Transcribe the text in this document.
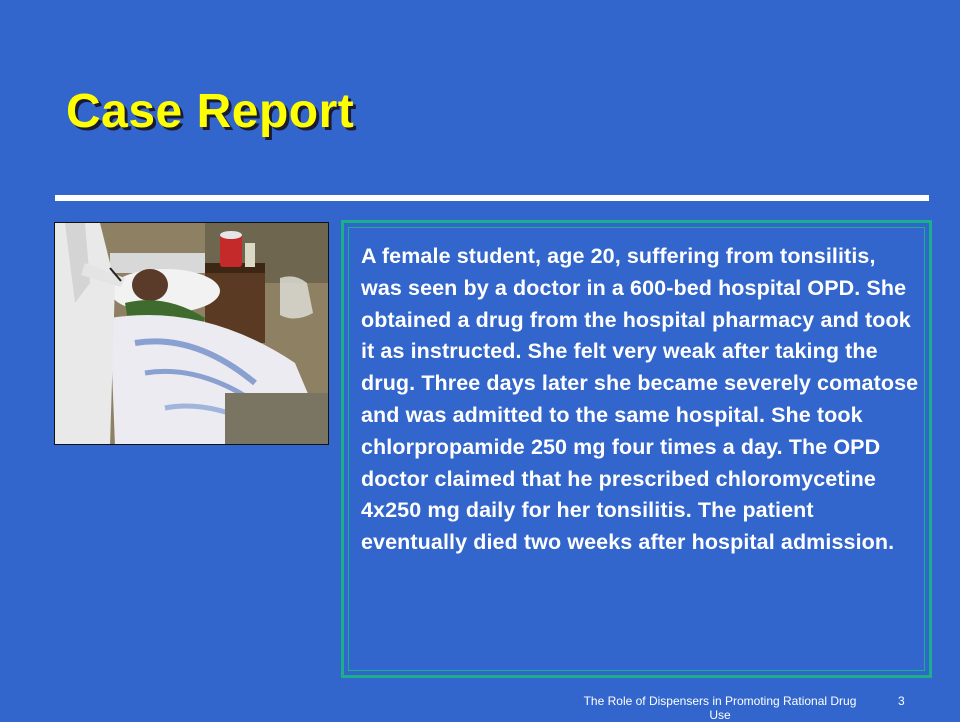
Case Report

A female student, age 20, suffering from tonsilitis, was seen by a doctor in a 600-bed hospital OPD. She obtained a drug from the hospital pharmacy and took it as instructed. She felt very weak after taking the drug. Three days later she became severely comatose and was admitted to the same hospital. She took chlorpropamide 250 mg four times a day. The OPD doctor claimed that he prescribed chloromycetine 4x250 mg daily for her tonsilitis. The patient eventually died two weeks after hospital admission.

The Role of Dispensers in Promoting Rational Drug Use
3
